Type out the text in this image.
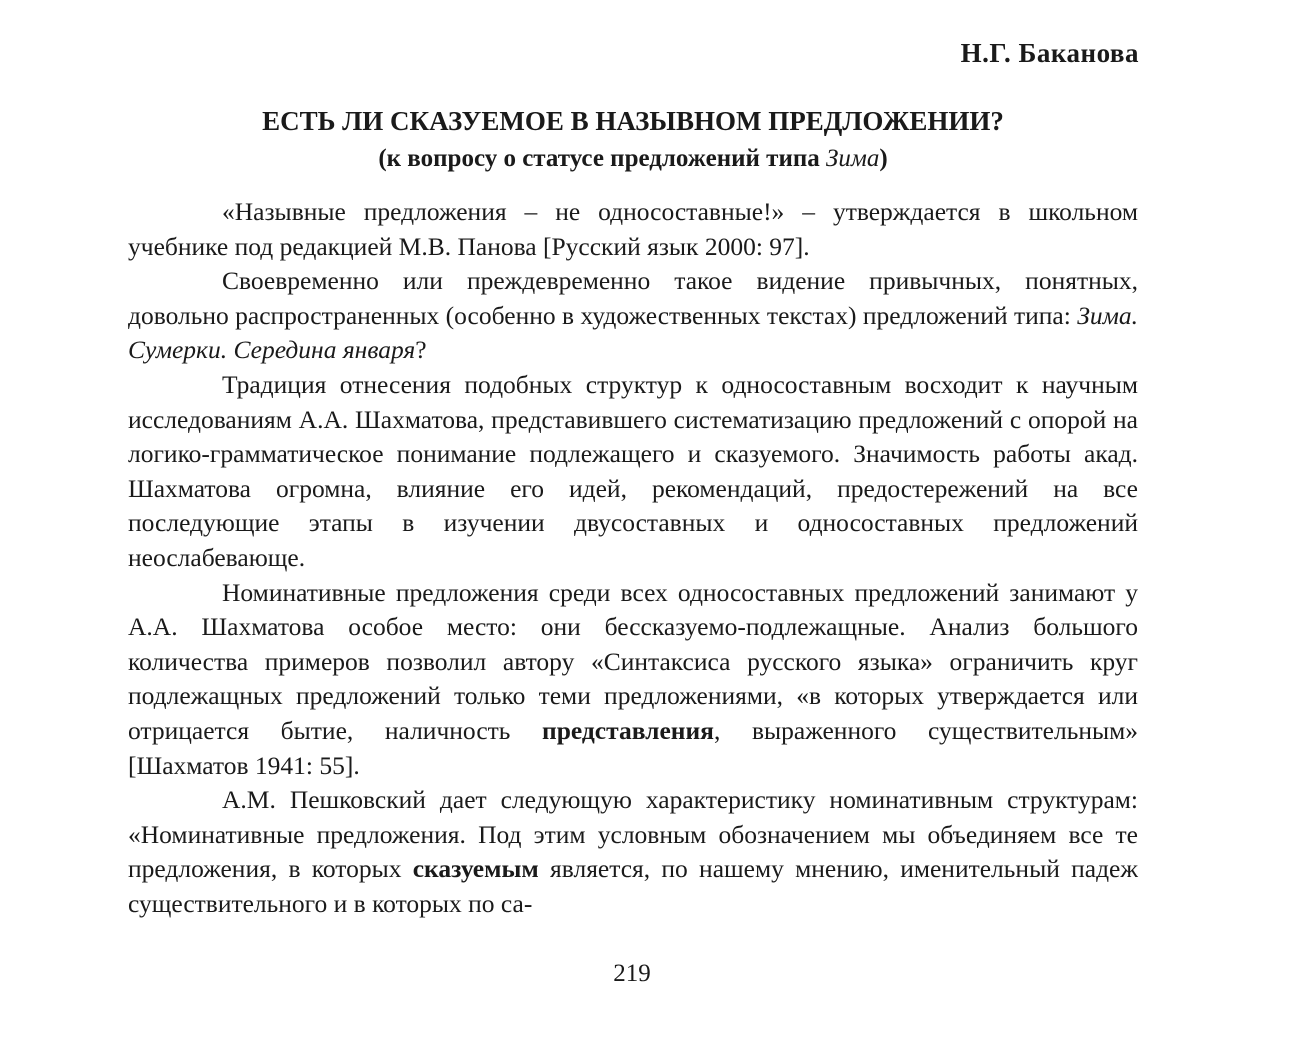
Н.Г. Баканова
ЕСТЬ ЛИ СКАЗУЕМОЕ В НАЗЫВНОМ ПРЕДЛОЖЕНИИ?
(к вопросу о статусе предложений типа Зима)

«Назывные предложения – не односоставные!» – утверждается в школьном учебнике под редакцией М.В. Панова [Русский язык 2000: 97].

Своевременно или преждевременно такое видение привычных, понятных, довольно распространенных (особенно в художественных текстах) предложений типа: Зима. Сумерки. Середина января?

Традиция отнесения подобных структур к односоставным восходит к научным исследованиям А.А. Шахматова, представившего систематизацию предложений с опорой на логико-грамматическое понимание подлежащего и сказуемого. Значимость работы акад. Шахматова огромна, влияние его идей, рекомендаций, предостережений на все последующие этапы в изучении двусоставных и односоставных предложений неослабевающе.

Номинативные предложения среди всех односоставных предложений занимают у А.А. Шахматова особое место: они бессказуемо-подлежащные. Анализ большого количества примеров позволил автору «Синтаксиса русского языка» ограничить круг подлежащных предложений только теми предложениями, «в которых утверждается или отрицается бытие, наличность представления, выраженного существительным» [Шахматов 1941: 55].

А.М. Пешковский дает следующую характеристику номинативным структурам: «Номинативные предложения. Под этим условным обозначением мы объединяем все те предложения, в которых сказуемым является, по нашему мнению, именительный падеж существительного и в которых по са-

219
